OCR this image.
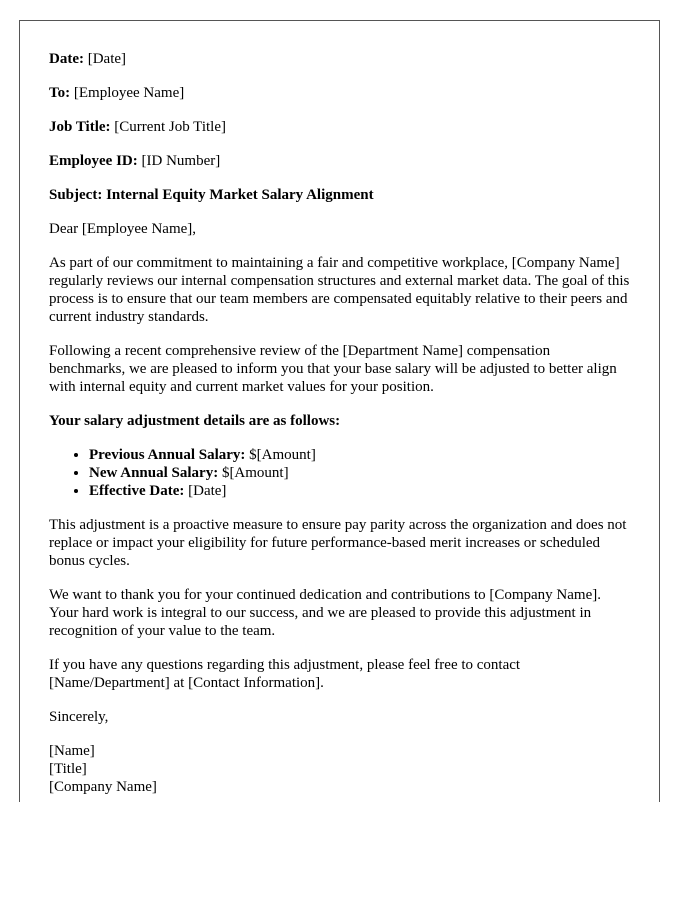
Date: [Date]

To: [Employee Name]

Job Title: [Current Job Title]

Employee ID: [ID Number]

Subject: Internal Equity Market Salary Alignment

Dear [Employee Name],

As part of our commitment to maintaining a fair and competitive workplace, [Company Name] regularly reviews our internal compensation structures and external market data. The goal of this process is to ensure that our team members are compensated equitably relative to their peers and current industry standards.

Following a recent comprehensive review of the [Department Name] compensation benchmarks, we are pleased to inform you that your base salary will be adjusted to better align with internal equity and current market values for your position.

Your salary adjustment details are as follows:

• Previous Annual Salary: $[Amount]
• New Annual Salary: $[Amount]
• Effective Date: [Date]

This adjustment is a proactive measure to ensure pay parity across the organization and does not replace or impact your eligibility for future performance-based merit increases or scheduled bonus cycles.

We want to thank you for your continued dedication and contributions to [Company Name]. Your hard work is integral to our success, and we are pleased to provide this adjustment in recognition of your value to the team.

If you have any questions regarding this adjustment, please feel free to contact [Name/Department] at [Contact Information].

Sincerely,

[Name]

[Title]

[Company Name]
